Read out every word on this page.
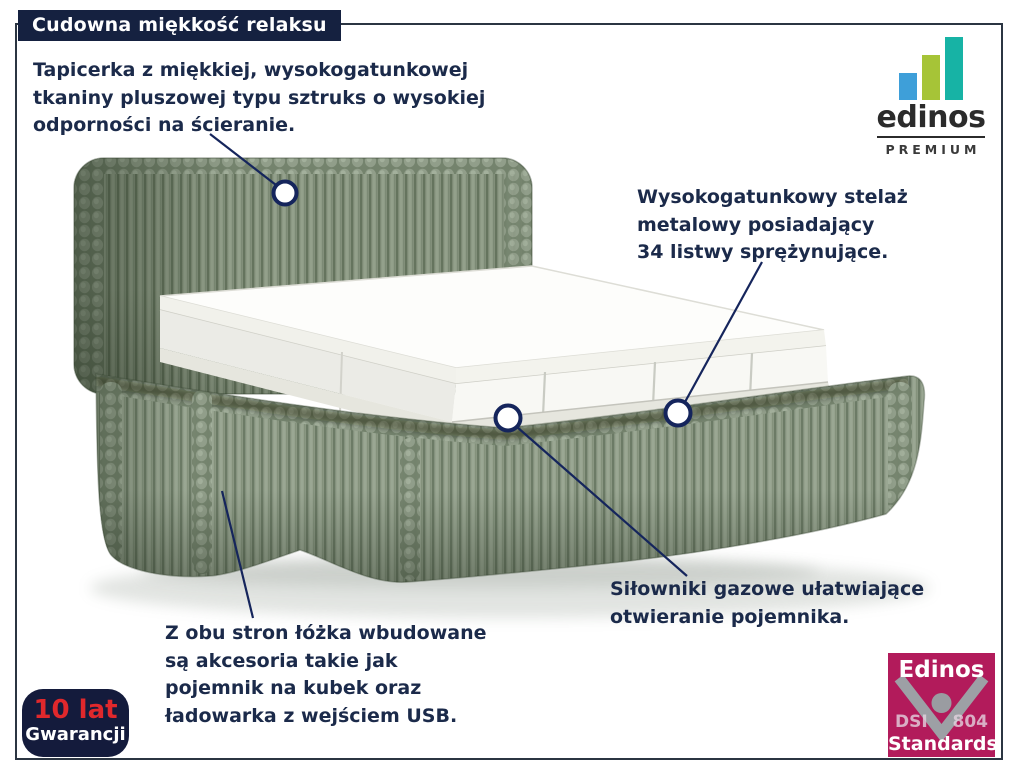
Cudowna miękkość relaksu
Tapicerka z miękkiej, wysokogatunkowej
tkaniny pluszowej typu sztruks o wysokiej
odporności na ścieranie.
Wysokogatunkowy stelaż
metalowy posiadający
34 listwy sprężynujące.
Siłowniki gazowe ułatwiające
otwieranie pojemnika.
Z obu stron łóżka wbudowane
są akcesoria takie jak
pojemnik na kubek oraz
ładowarka z wejściem USB.
edinos
PREMIUM
10 lat
Gwarancji
Edinos
DSI 804
Standards
